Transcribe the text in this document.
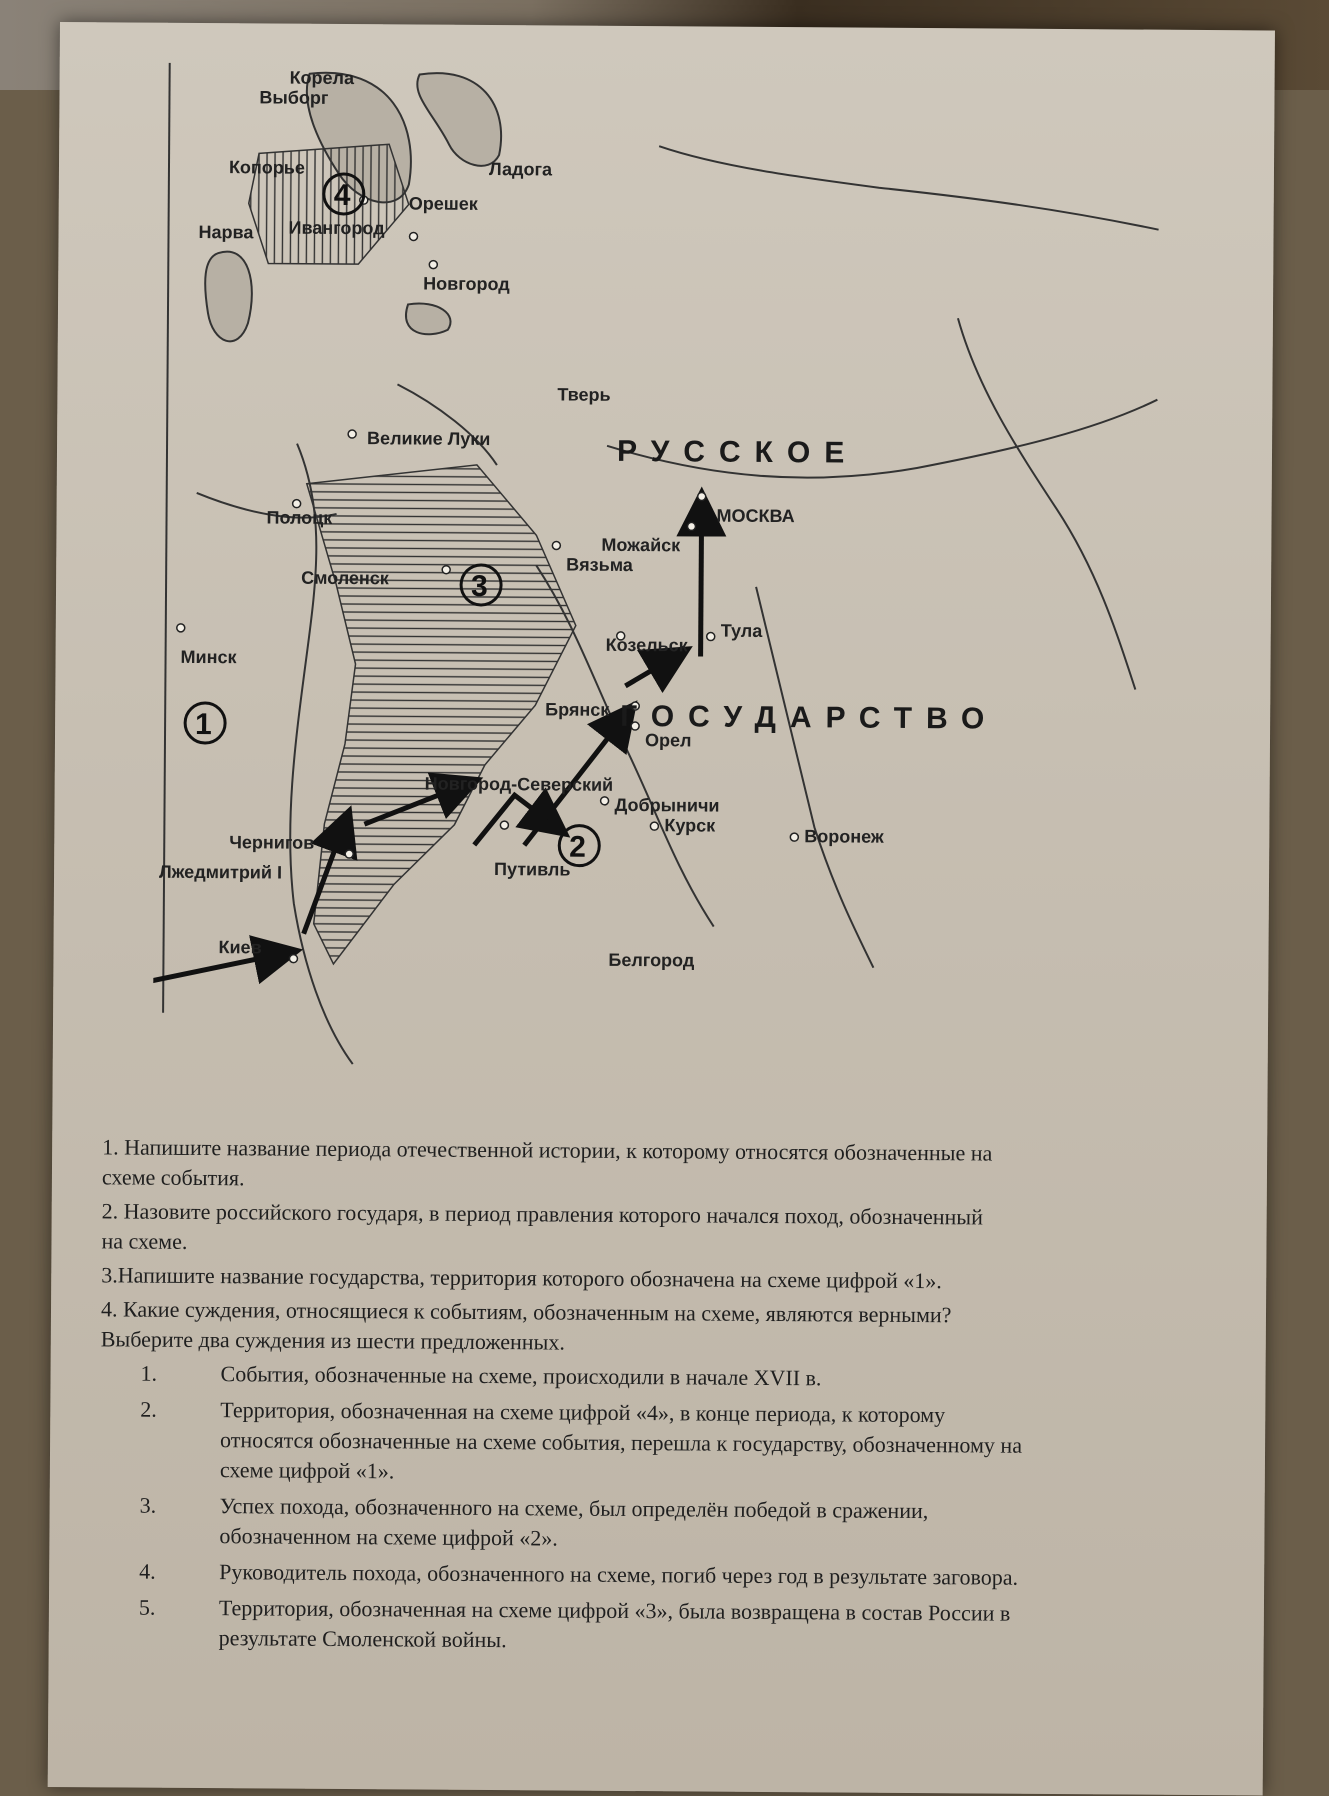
Корела
Выборг
Ладога
Копорье
Орешек
Ивангород
Нарва
Новгород
Тверь
Великие Луки
Полоцк	МОСКВА
Можайск
Вязьма
Смоленск
Козельск
Тула
Минск
Брянск
Орел
Новгород-Северский
Добрыничи
Курск
Воронеж
Чернигов
Лжедмитрий I	Путивль
Киев
Белгород
РУССКОЕ
ГОСУДАРСТВО
1
2
3
4

1. Напишите название периода отечественной истории, к которому относятся обозначенные на
схеме события.

2. Назовите российского государя, в период правления которого начался поход, обозначенный
на схеме.

3.Напишите название государства, территория которого обозначена на схеме цифрой «1».

4. Какие суждения, относящиеся к событиям, обозначенным на схеме, являются верными?
Выберите два суждения из шести предложенных.

1.	События, обозначенные на схеме, происходили в начале XVII в.
2.	Территория, обозначенная на схеме цифрой «4», в конце периода, к которому
относятся обозначенные на схеме события, перешла к государству, обозначенному на
схеме цифрой «1».
3.	Успех похода, обозначенного на схеме, был определён победой в сражении,
обозначенном на схеме цифрой «2».
4.	Руководитель похода, обозначенного на схеме, погиб через год в результате заговора.
5.	Территория, обозначенная на схеме цифрой «3», была возвращена в состав России в
результате Смоленской войны.
